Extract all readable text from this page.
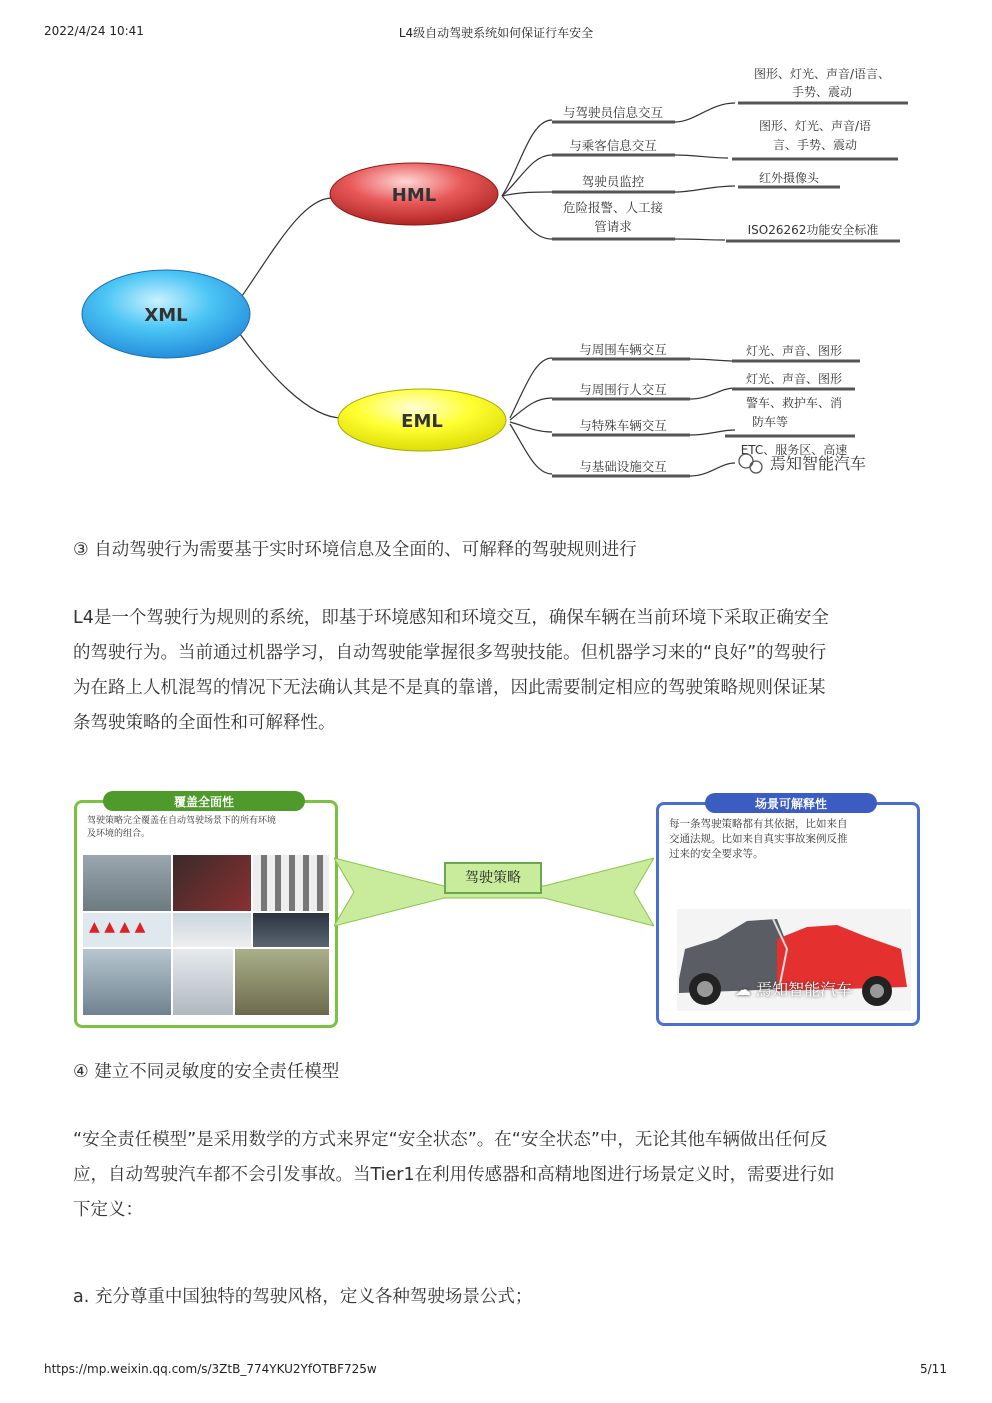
2022/4/24 10:41	L4级自动驾驶系统如何保证行车安全
XML
HML
EML
与驾驶员信息交互
与乘客信息交互
驾驶员监控
危险报警、人工接
管请求
图形、灯光、声音/语言、
手势、震动
图形、灯光、声音/语
言、手势、震动
红外摄像头
ISO26262功能安全标准
与周围车辆交互
与周围行人交互
与特殊车辆交互
与基础设施交互
灯光、声音、图形
灯光、声音、图形
警车、救护车、消
防车等
ETC、服务区、高速
焉知智能汽车
③ 自动驾驶行为需要基于实时环境信息及全面的、可解释的驾驶规则进行
L4是一个驾驶行为规则的系统，即基于环境感知和环境交互，确保车辆在当前环境下采取正确安全
的驾驶行为。当前通过机器学习，自动驾驶能掌握很多驾驶技能。但机器学习来的“良好”的驾驶行
为在路上人机混驾的情况下无法确认其是不是真的靠谱，因此需要制定相应的驾驶策略规则保证某
条驾驶策略的全面性和可解释性。
覆盖全面性
驾驶策略完全覆盖在自动驾驶场景下的所有环境
及环境的组合。
▲ ▲ ▲ ▲
驾驶策略
场景可解释性
每一条驾驶策略都有其依据，比如来自
交通法规。比如来自真实事故案例反推
过来的安全要求等。
☁ 焉知智能汽车
④ 建立不同灵敏度的安全责任模型
“安全责任模型”是采用数学的方式来界定“安全状态”。在“安全状态”中，无论其他车辆做出任何反
应，自动驾驶汽车都不会引发事故。当Tier1在利用传感器和高精地图进行场景定义时，需要进行如
下定义：
a. 充分尊重中国独特的驾驶风格，定义各种驾驶场景公式；
https://mp.weixin.qq.com/s/3ZtB_774YKU2YfOTBF725w	5/11
